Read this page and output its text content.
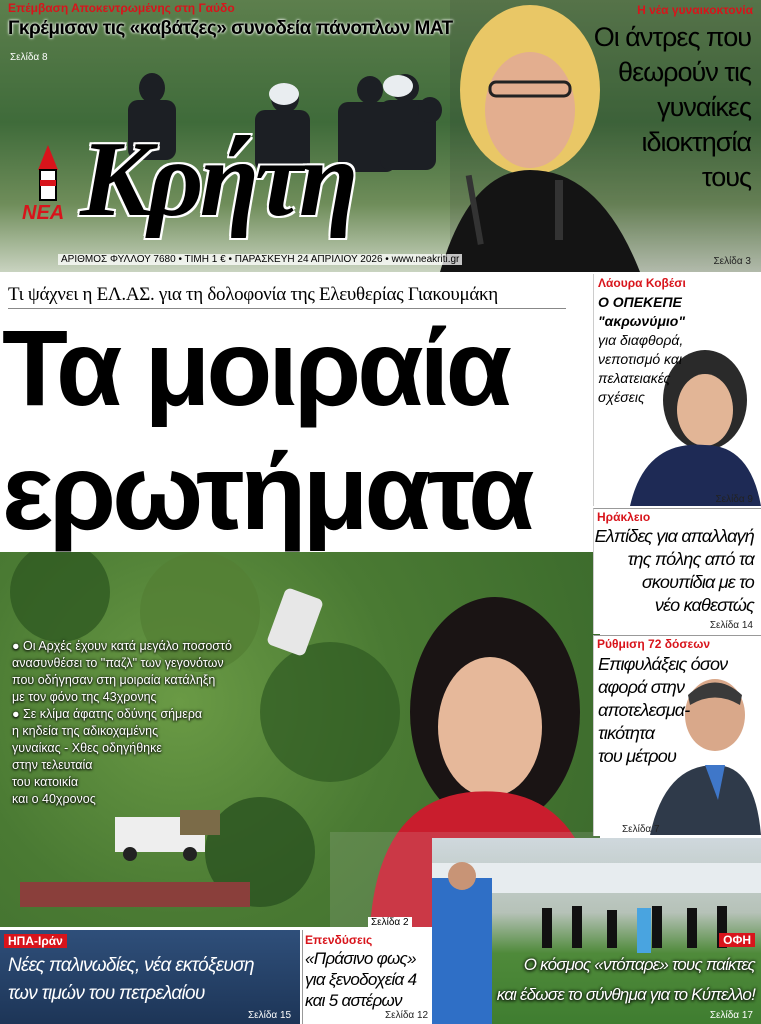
Επέμβαση Αποκεντρωμένης στη Γαύδο
Γκρέμισαν τις «καβάτζες» συνοδεία πάνοπλων ΜΑΤ
Σελίδα 8
Η νέα γυναικοκτονία
Οι άντρες που
θεωρούν τις
γυναίκες
ιδιοκτησία
τους
Σελίδα 3
ΝΕΑ Κρήτη
ΑΡΙΘΜΟΣ ΦΥΛΛΟΥ 7680 • ΤΙΜΗ 1 € • ΠΑΡΑΣΚΕΥΗ 24 ΑΠΡΙΛΙΟΥ 2026 • www.neakriti.gr
Τι ψάχνει η ΕΛ.ΑΣ. για τη δολοφονία της Ελευθερίας Γιακουμάκη
Τα μοιραία
ερωτήματα
● Οι Αρχές έχουν κατά μεγάλο ποσοστό
ανασυνθέσει το "παζλ" των γεγονότων
που οδήγησαν στη μοιραία κατάληξη
με τον φόνο της 43χρονης
● Σε κλίμα άφατης οδύνης σήμερα
η κηδεία της αδικοχαμένης
γυναίκας - Χθες οδηγήθηκε
στην τελευταία
του κατοικία
και ο 40χρονος
Σελίδα 2
Λάουρα Κοβέσι
Ο ΟΠΕΚΕΠΕ "ακρωνύμιο"
για διαφθορά,
νεποτισμό και
πελατειακές
σχέσεις
Σελίδα 9
Ηράκλειο
Ελπίδες για απαλλαγή
της πόλης από τα
σκουπίδια με το
νέο καθεστώς
Σελίδα 14
Ρύθμιση 72 δόσεων
Επιφυλάξεις όσον
αφορά στην
αποτελεσμα-
τικότητα
του μέτρου
Σελίδα 7
ΗΠΑ-Ιράν
Νέες παλινωδίες, νέα εκτόξευση
των τιμών του πετρελαίου
Σελίδα 15
Επενδύσεις
«Πράσινο φως»
για ξενοδοχεία 4
και 5 αστέρων
Σελίδα 12
ΟΦΗ
Ο κόσμος «ντόπαρε» τους παίκτες
και έδωσε το σύνθημα για το Κύπελλο!
Σελίδα 17
